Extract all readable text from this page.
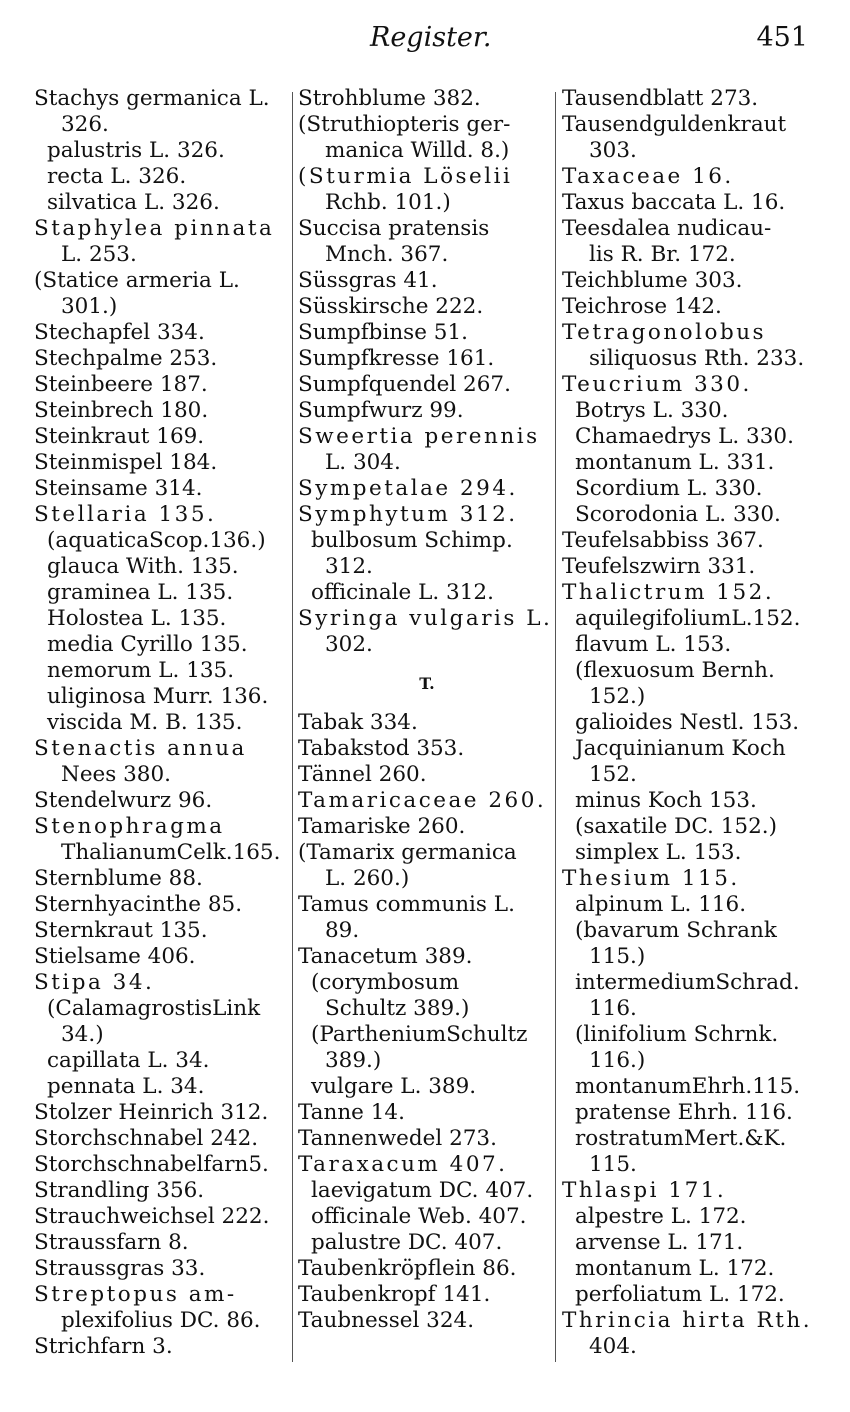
Register.	451
Stachys germanica L.
326.
palustris L. 326.
recta L. 326.
silvatica L. 326.
Staphylea pinnata
L. 253.
(Statice armeria L.
301.)
Stechapfel 334.
Stechpalme 253.
Steinbeere 187.
Steinbrech 180.
Steinkraut 169.
Steinmispel 184.
Steinsame 314.
Stellaria 135.
(aquaticaScop.136.)
glauca With. 135.
graminea L. 135.
Holostea L. 135.
media Cyrillo 135.
nemorum L. 135.
uliginosa Murr. 136.
viscida M. B. 135.
Stenactis annua
Nees 380.
Stendelwurz 96.
Stenophragma
ThalianumCelk.165.
Sternblume 88.
Sternhyacinthe 85.
Sternkraut 135.
Stielsame 406.
Stipa 34.
(CalamagrostisLink
34.)
capillata L. 34.
pennata L. 34.
Stolzer Heinrich 312.
Storchschnabel 242.
Storchschnabelfarn5.
Strandling 356.
Strauchweichsel 222.
Straussfarn 8.
Straussgras 33.
Streptopus am-
plexifolius DC. 86.
Strichfarn 3.
Strohblume 382.
(Struthiopteris ger-
manica Willd. 8.)
(Sturmia Löselii
Rchb. 101.)
Succisa pratensis
Mnch. 367.
Süssgras 41.
Süsskirsche 222.
Sumpfbinse 51.
Sumpfkresse 161.
Sumpfquendel 267.
Sumpfwurz 99.
Sweertia perennis
L. 304.
Sympetalae 294.
Symphytum 312.
bulbosum Schimp.
312.
officinale L. 312.
Syringa vulgaris L.
302.
T.
Tabak 334.
Tabakstod 353.
Tännel 260.
Tamaricaceae 260.
Tamariske 260.
(Tamarix germanica
L. 260.)
Tamus communis L.
89.
Tanacetum 389.
(corymbosum
Schultz 389.)
(PartheniumSchultz
389.)
vulgare L. 389.
Tanne 14.
Tannenwedel 273.
Taraxacum 407.
laevigatum DC. 407.
officinale Web. 407.
palustre DC. 407.
Taubenkröpflein 86.
Taubenkropf 141.
Taubnessel 324.
Tausendblatt 273.
Tausendguldenkraut
303.
Taxaceae 16.
Taxus baccata L. 16.
Teesdalea nudicau-
lis R. Br. 172.
Teichblume 303.
Teichrose 142.
Tetragonolobus
siliquosus Rth. 233.
Teucrium 330.
Botrys L. 330.
Chamaedrys L. 330.
montanum L. 331.
Scordium L. 330.
Scorodonia L. 330.
Teufelsabbiss 367.
Teufelszwirn 331.
Thalictrum 152.
aquilegifoliumL.152.
flavum L. 153.
(flexuosum Bernh.
152.)
galioides Nestl. 153.
Jacquinianum Koch
152.
minus Koch 153.
(saxatile DC. 152.)
simplex L. 153.
Thesium 115.
alpinum L. 116.
(bavarum Schrank
115.)
intermediumSchrad.
116.
(linifolium Schrnk.
116.)
montanumEhrh.115.
pratense Ehrh. 116.
rostratumMert.&K.
115.
Thlaspi 171.
alpestre L. 172.
arvense L. 171.
montanum L. 172.
perfoliatum L. 172.
Thrincia hirta Rth.
404.
